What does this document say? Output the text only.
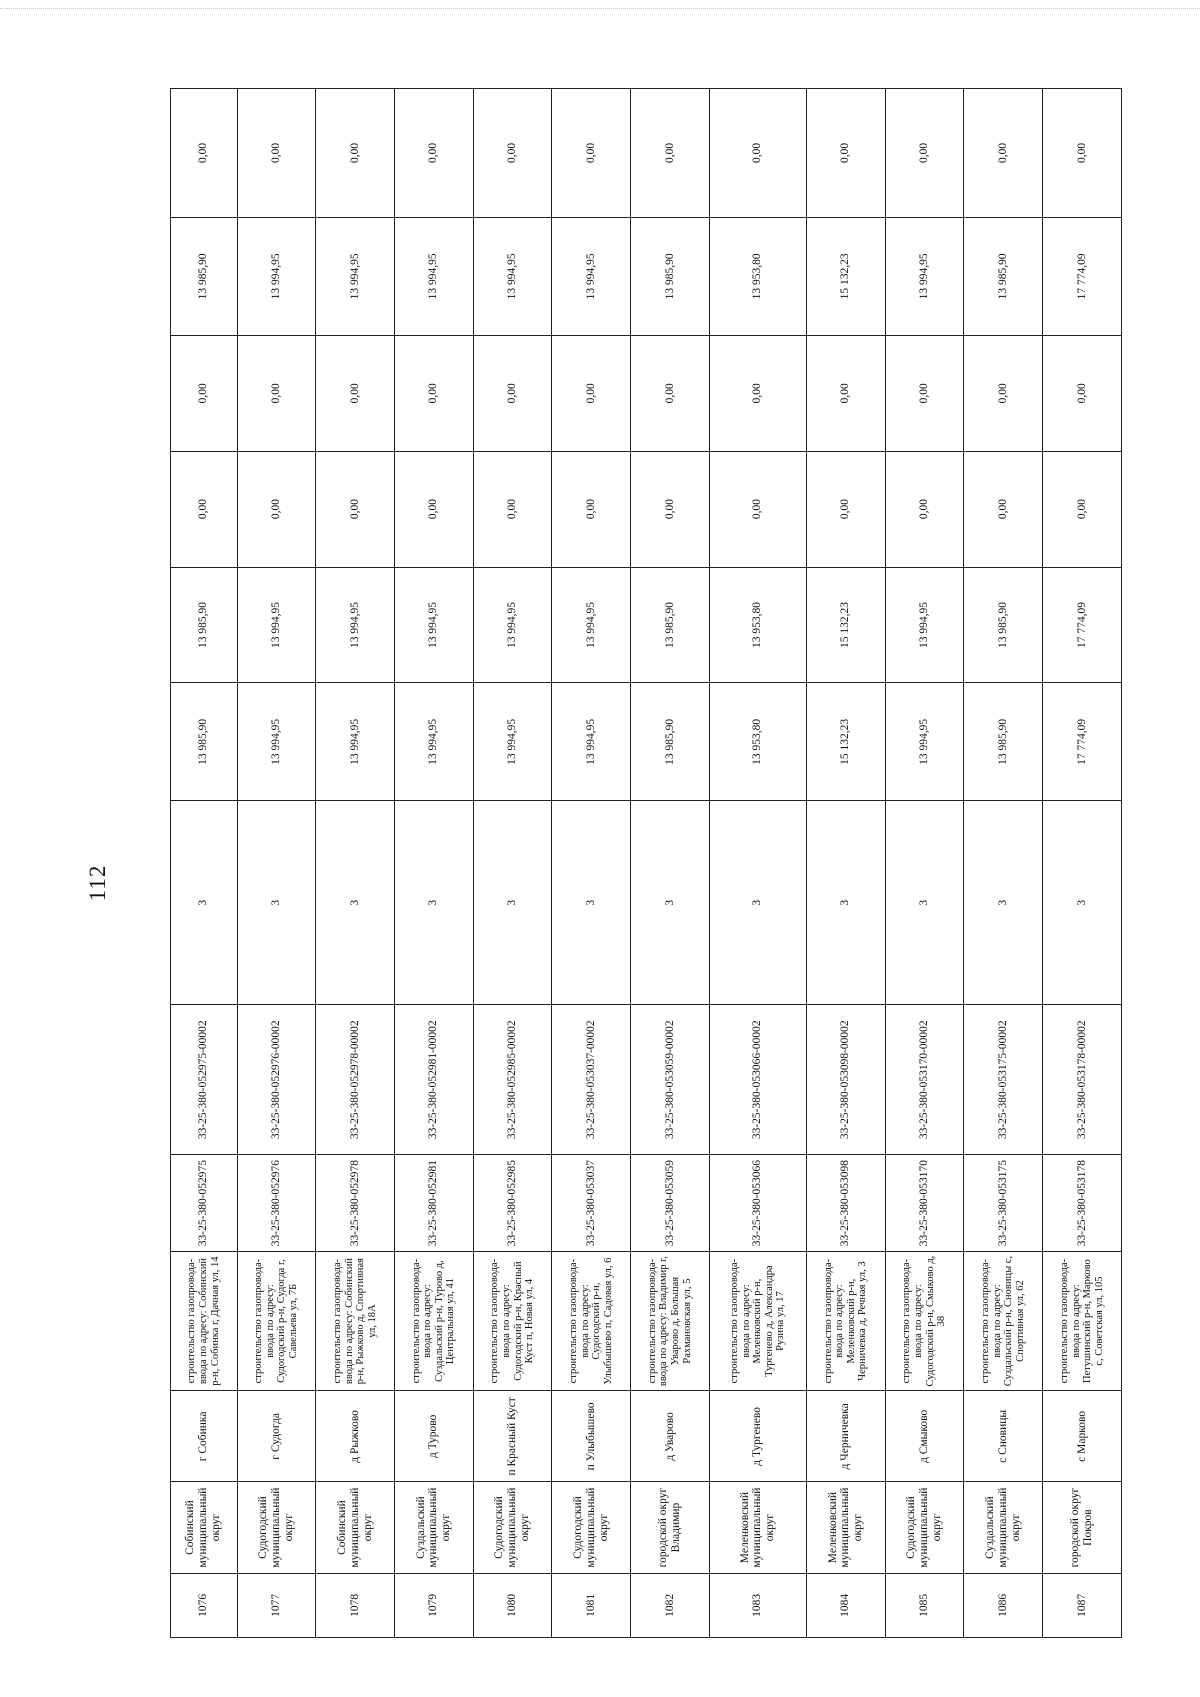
112
1076	Собинский муниципальный округ	г Собинка	строительство газопровода-ввода по адресу: Собинский р-н, Собинка г, Дачная ул, 14	33-25-380-052975	33-25-380-052975-00002	3	13 985,90	13 985,90	0,00	0,00	13 985,90	0,00
1077	Судогодский муниципальный округ	г Судогда	строительство газопровода-ввода по адресу: Судогодский р-н, Судогда г, Савельева ул, 7Б	33-25-380-052976	33-25-380-052976-00002	3	13 994,95	13 994,95	0,00	0,00	13 994,95	0,00
1078	Собинский муниципальный округ	д Рыжково	строительство газопровода-ввода по адресу: Собинский р-н, Рыжково д, Спортивная ул, 18А	33-25-380-052978	33-25-380-052978-00002	3	13 994,95	13 994,95	0,00	0,00	13 994,95	0,00
1079	Суздальский муниципальный округ	д Турово	строительство газопровода-ввода по адресу: Суздальский р-н, Турово д, Центральная ул, 41	33-25-380-052981	33-25-380-052981-00002	3	13 994,95	13 994,95	0,00	0,00	13 994,95	0,00
1080	Судогодский муниципальный округ	п Красный Куст	строительство газопровода-ввода по адресу: Судогодский р-н, Красный Куст п, Новая ул, 4	33-25-380-052985	33-25-380-052985-00002	3	13 994,95	13 994,95	0,00	0,00	13 994,95	0,00
1081	Судогодский муниципальный округ	п Улыбышево	строительство газопровода-ввода по адресу: Судогодский р-н, Улыбышево п, Садовая ул, 6	33-25-380-053037	33-25-380-053037-00002	3	13 994,95	13 994,95	0,00	0,00	13 994,95	0,00
1082	городской округ Владимир	д Уварово	строительство газопровода-ввода по адресу: Владимир г, Уварово д, Большая Рахмановская ул, 5	33-25-380-053059	33-25-380-053059-00002	3	13 985,90	13 985,90	0,00	0,00	13 985,90	0,00
1083	Меленковский муниципальный округ	д Тургенево	строительство газопровода-ввода по адресу: Меленковский р-н, Тургенево д, Александра Рузина ул, 17	33-25-380-053066	33-25-380-053066-00002	3	13 953,80	13 953,80	0,00	0,00	13 953,80	0,00
1084	Меленковский муниципальный округ	д Черничевка	строительство газопровода-ввода по адресу: Меленковский р-н, Черничевка д, Речная ул, 3	33-25-380-053098	33-25-380-053098-00002	3	15 132,23	15 132,23	0,00	0,00	15 132,23	0,00
1085	Судогодский муниципальный округ	д Смыково	строительство газопровода-ввода по адресу: Судогодский р-н, Смыково д, 38	33-25-380-053170	33-25-380-053170-00002	3	13 994,95	13 994,95	0,00	0,00	13 994,95	0,00
1086	Суздальский муниципальный округ	с Сновицы	строительство газопровода-ввода по адресу: Суздальский р-н, Сновицы с, Спортивная ул, 62	33-25-380-053175	33-25-380-053175-00002	3	13 985,90	13 985,90	0,00	0,00	13 985,90	0,00
1087	городской округ Покров	с Марково	строительство газопровода-ввода по адресу: Петушинский р-н, Марково с, Советская ул, 105	33-25-380-053178	33-25-380-053178-00002	3	17 774,09	17 774,09	0,00	0,00	17 774,09	0,00
